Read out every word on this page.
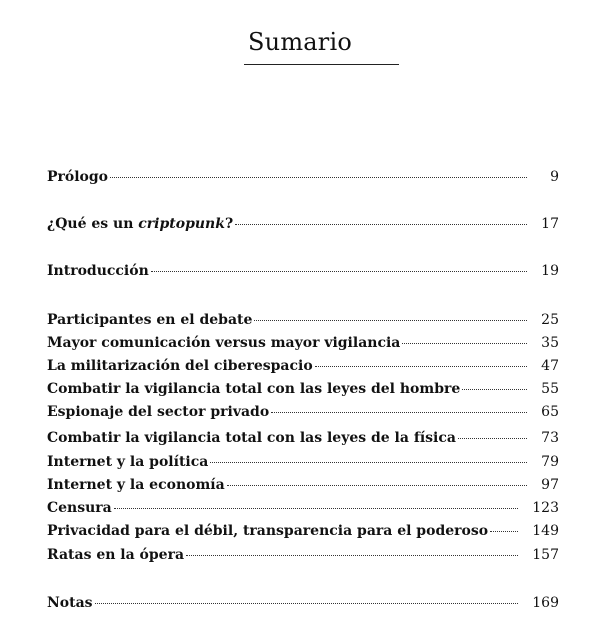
Sumario
Prólogo	9
¿Qué es un criptopunk?	17
Introducción	19
Participantes en el debate	25
Mayor comunicación versus mayor vigilancia	35
La militarización del ciberespacio	47
Combatir la vigilancia total con las leyes del hombre	55
Espionaje del sector privado	65
Combatir la vigilancia total con las leyes de la física	73
Internet y la política	79
Internet y la economía	97
Censura	123
Privacidad para el débil, transparencia para el poderoso	149
Ratas en la ópera	157
Notas	169
